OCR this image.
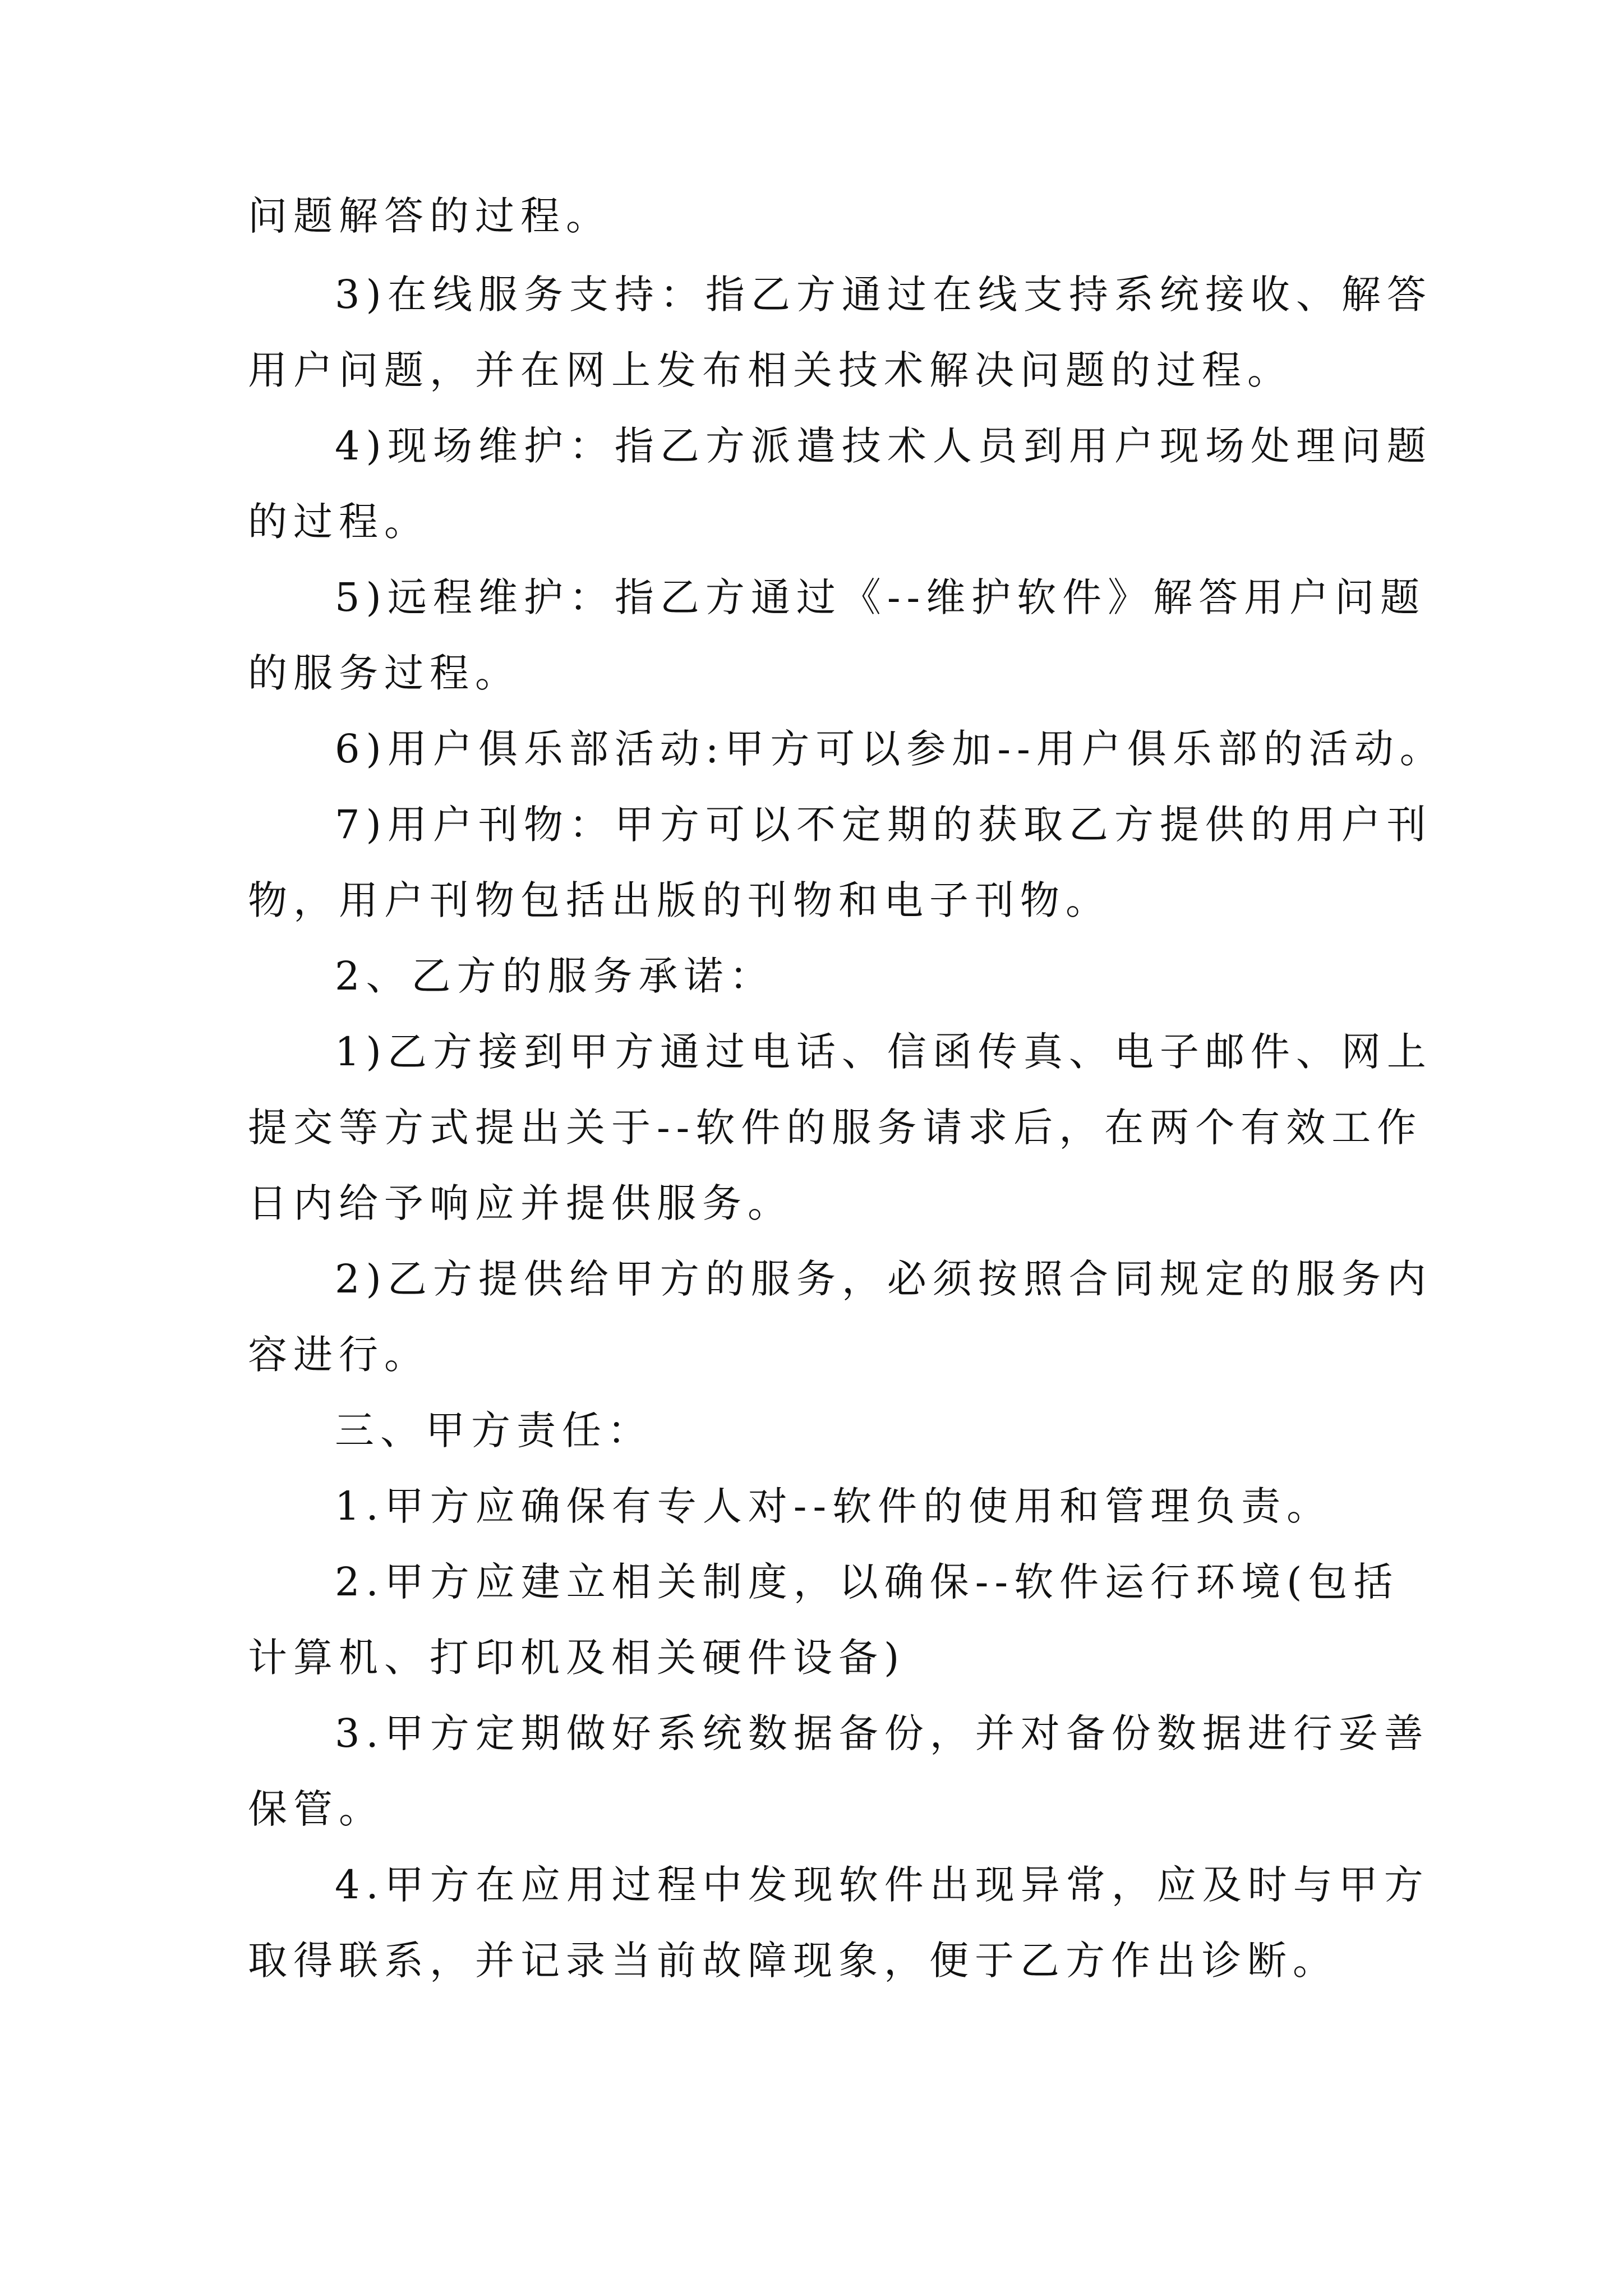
问题解答的过程。
3)在线服务支持：指乙方通过在线支持系统接收、解答
用户问题，并在网上发布相关技术解决问题的过程。
4)现场维护：指乙方派遣技术人员到用户现场处理问题
的过程。
5)远程维护：指乙方通过《--维护软件》解答用户问题
的服务过程。
6)用户俱乐部活动:甲方可以参加--用户俱乐部的活动。
7)用户刊物：甲方可以不定期的获取乙方提供的用户刊
物，用户刊物包括出版的刊物和电子刊物。
2、乙方的服务承诺：
1)乙方接到甲方通过电话、信函传真、电子邮件、网上
提交等方式提出关于--软件的服务请求后，在两个有效工作
日内给予响应并提供服务。
2)乙方提供给甲方的服务，必须按照合同规定的服务内
容进行。
三、甲方责任：
1.甲方应确保有专人对--软件的使用和管理负责。
2.甲方应建立相关制度，以确保--软件运行环境(包括
计算机、打印机及相关硬件设备)
3.甲方定期做好系统数据备份，并对备份数据进行妥善
保管。
4.甲方在应用过程中发现软件出现异常，应及时与甲方
取得联系，并记录当前故障现象，便于乙方作出诊断。
